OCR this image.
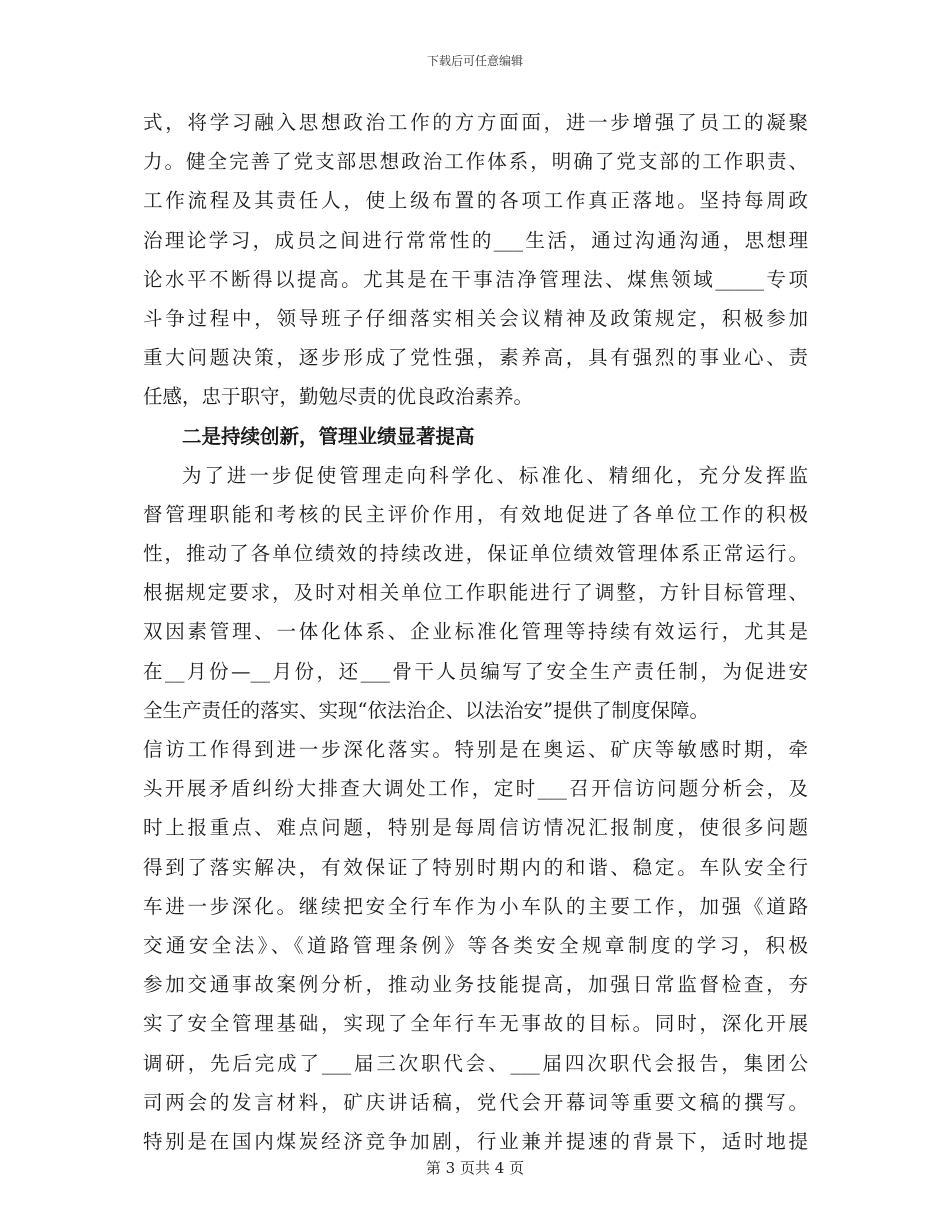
下载后可任意编辑
式，将学习融入思想政治工作的方方面面，进一步增强了员工的凝聚
力。健全完善了党支部思想政治工作体系，明确了党支部的工作职责、
工作流程及其责任人，使上级布置的各项工作真正落地。坚持每周政
治理论学习，成员之间进行常常性的___生活，通过沟通沟通，思想理
论水平不断得以提高。尤其是在干事洁净管理法、煤焦领域_____专项
斗争过程中，领导班子仔细落实相关会议精神及政策规定，积极参加
重大问题决策，逐步形成了党性强，素养高，具有强烈的事业心、责
任感，忠于职守，勤勉尽责的优良政治素养。
二是持续创新，管理业绩显著提高
为了进一步促使管理走向科学化、标准化、精细化，充分发挥监
督管理职能和考核的民主评价作用，有效地促进了各单位工作的积极
性，推动了各单位绩效的持续改进，保证单位绩效管理体系正常运行。
根据规定要求，及时对相关单位工作职能进行了调整，方针目标管理、
双因素管理、一体化体系、企业标准化管理等持续有效运行，尤其是
在__月份—__月份，还___骨干人员编写了安全生产责任制，为促进安
全生产责任的落实、实现“依法治企、以法治安”提供了制度保障。
信访工作得到进一步深化落实。特别是在奥运、矿庆等敏感时期，牵
头开展矛盾纠纷大排查大调处工作，定时___召开信访问题分析会，及
时上报重点、难点问题，特别是每周信访情况汇报制度，使很多问题
得到了落实解决，有效保证了特别时期内的和谐、稳定。车队安全行
车进一步深化。继续把安全行车作为小车队的主要工作，加强《道路
交通安全法》、《道路管理条例》等各类安全规章制度的学习，积极
参加交通事故案例分析，推动业务技能提高，加强日常监督检查，夯
实了安全管理基础，实现了全年行车无事故的目标。同时，深化开展
调研，先后完成了___届三次职代会、___届四次职代会报告，集团公
司两会的发言材料，矿庆讲话稿，党代会开幕词等重要文稿的撰写。
特别是在国内煤炭经济竞争加剧，行业兼并提速的背景下，适时地提
第 3 页共 4 页
